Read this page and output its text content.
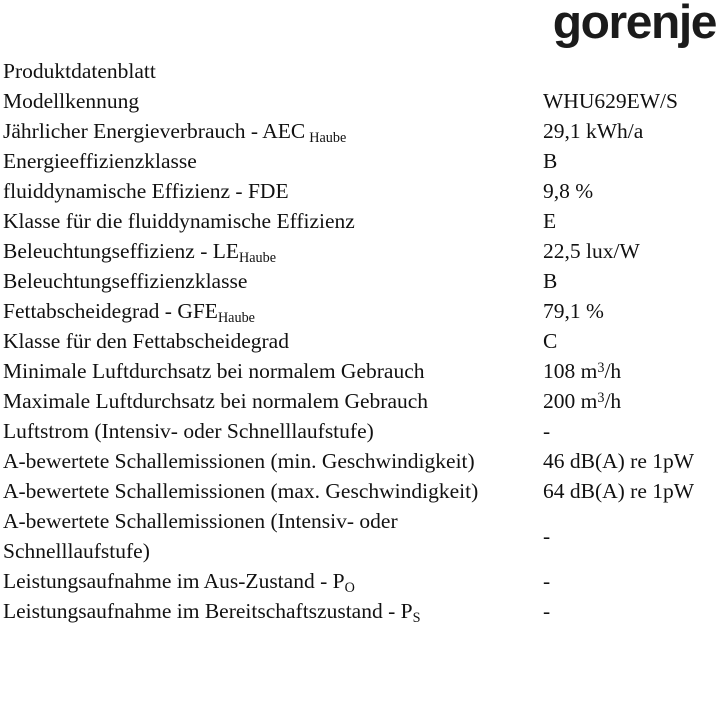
gorenje
Produktdatenblatt	
Modellkennung	WHU629EW/S
Jährlicher Energieverbrauch - AEC $_{Haube}$	29,1 kWh/a
Energieeffizienzklasse	B
fluiddynamische Effizienz - FDE	9,8 %
Klasse für die fluiddynamische Effizienz	E
Beleuchtungseffizienz - $LE_{Haube}$	22,5 lux/W
Beleuchtungseffizienzklasse	B
Fettabscheidegrad - $GFE_{Haube}$	79,1 %
Klasse für den Fettabscheidegrad	C
Minimale Luftdurchsatz bei normalem Gebrauch	108 $m^3/h$
Maximale Luftdurchsatz bei normalem Gebrauch	200 $m^3/h$
Luftstrom (Intensiv- oder Schnelllaufstufe)	-
A-bewertete Schallemissionen (min. Geschwindigkeit)	46 dB(A) re 1pW
A-bewertete Schallemissionen (max. Geschwindigkeit)	64 dB(A) re 1pW
A-bewertete Schallemissionen (Intensiv- oder Schnelllaufstufe)	-
Leistungsaufnahme im $Aus-Zustand - P_O$	-
Leistungsaufnahme im Bereitschaftszustand - $P_S$	-
